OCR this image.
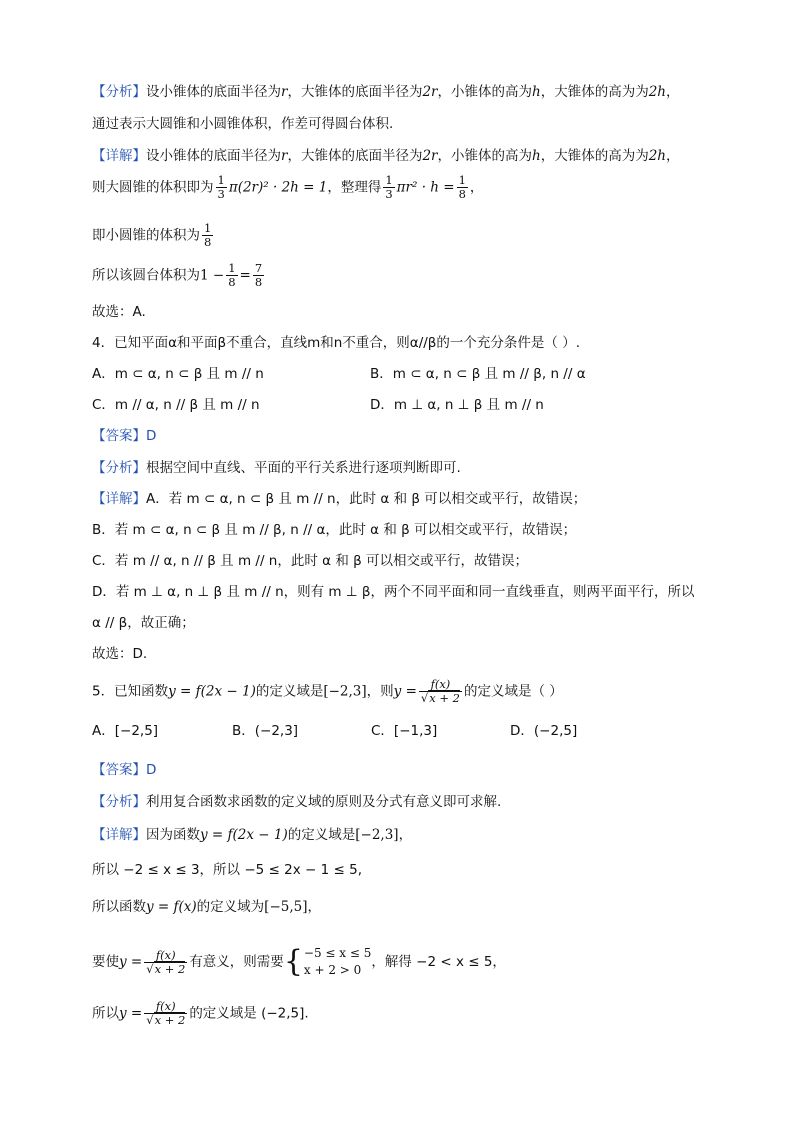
【分析】设小锥体的底面半径为r，大锥体的底面半径为2r，小锥体的高为h，大锥体的高为为2h，
通过表示大圆锥和小圆锥体积，作差可得圆台体积.
【详解】设小锥体的底面半径为r，大锥体的底面半径为2r，小锥体的高为h，大锥体的高为为2h，
则大圆锥的体积即为 $\frac{1}{3} \pi(2r)^2 \cdot 2h = 1$，整理得 $\frac{1}{3} \pi r^2 \cdot h = \frac{1}{8}$ ，
即小圆锥的体积为 $\frac{1}{8}$
所以该圆台体积为$1 - \frac{1}{8} = \frac{7}{8}$
故选：A.
4．已知平面α和平面β不重合，直线m和n不重合，则α//β的一个充分条件是（ ）.
A．m ⊂ α, n ⊂ β 且 m // n	B．m ⊂ α, n ⊂ β 且 m // β, n // α
C．m // α, n // β 且 m // n	D．m ⊥ α, n ⊥ β 且 m // n
【答案】D
【分析】根据空间中直线、平面的平行关系进行逐项判断即可.
【详解】A．若 m ⊂ α, n ⊂ β 且 m // n，此时 α 和 β 可以相交或平行，故错误；
B．若 m ⊂ α, n ⊂ β 且 m // β, n // α，此时 α 和 β 可以相交或平行，故错误；
C．若 m // α, n // β 且 m // n，此时 α 和 β 可以相交或平行，故错误；
D．若 m ⊥ α, n ⊥ β 且 m // n，则有 m ⊥ β，两个不同平面和同一直线垂直，则两平面平行，所以
α // β，故正确；
故选：D.
5．已知函数y = f(2x − 1)的定义域是[−2,3]，则$y = \frac{f(x)}{√x + 2}$ 的定义域是（ ）
A．[−2,5]	B．(−2,3]	C．[−1,3]	D．(−2,5]
【答案】D
【分析】利用复合函数求函数的定义域的原则及分式有意义即可求解.
【详解】因为函数y = f(2x − 1)的定义域是[−2,3]，
所以 −2 ≤ x ≤ 3，所以 −5 ≤ 2x − 1 ≤ 5,
所以函数y = f(x)的定义域为[−5,5]，
要使$y = \frac{f(x)}{√x + 2}$ 有意义，则需要{ −5 ≤ x ≤ 5
x + 2 > 0 ，解得 −2 < x ≤ 5，
所以$y = \frac{f(x)}{√x + 2}$ 的定义域是 (−2,5].
